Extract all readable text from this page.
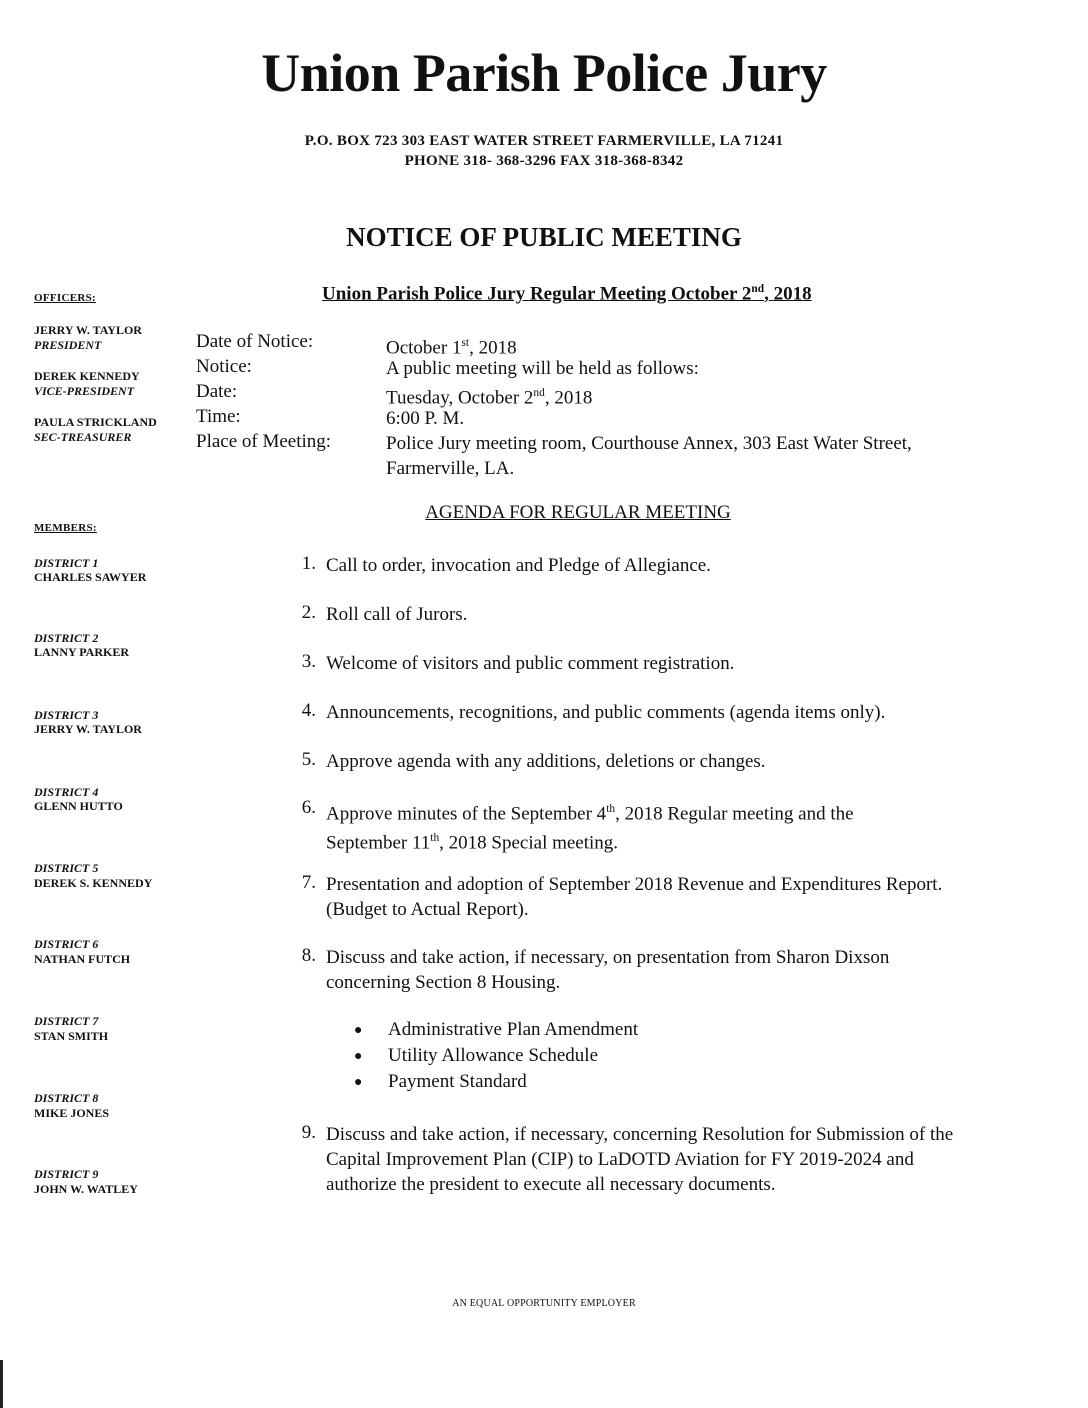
Union Parish Police Jury
P.O. BOX 723 303 EAST WATER STREET FARMERVILLE, LA 71241
PHONE 318- 368-3296 FAX 318-368-8342
NOTICE OF PUBLIC MEETING
Union Parish Police Jury Regular Meeting October 2nd, 2018
OFFICERS:
JERRY W. TAYLOR
PRESIDENT
DEREK KENNEDY
VICE-PRESIDENT
PAULA STRICKLAND
SEC-TREASURER
MEMBERS:
DISTRICT 1
CHARLES SAWYER
DISTRICT 2
LANNY PARKER
DISTRICT 3
JERRY W. TAYLOR
DISTRICT 4
GLENN HUTTO
DISTRICT 5
DEREK S. KENNEDY
DISTRICT 6
NATHAN FUTCH
DISTRICT 7
STAN SMITH
DISTRICT 8
MIKE JONES
DISTRICT 9
JOHN W. WATLEY
Date of Notice:	October 1st, 2018
Notice:	A public meeting will be held as follows:
Date:	Tuesday, October 2nd, 2018
Time:	6:00 P. M.
Place of Meeting:	Police Jury meeting room, Courthouse Annex, 303 East Water Street, Farmerville, LA.
AGENDA FOR REGULAR MEETING
1. Call to order, invocation and Pledge of Allegiance.
2. Roll call of Jurors.
3. Welcome of visitors and public comment registration.
4. Announcements, recognitions, and public comments (agenda items only).
5. Approve agenda with any additions, deletions or changes.
6. Approve minutes of the September 4th, 2018 Regular meeting and the September 11th, 2018 Special meeting.
7. Presentation and adoption of September 2018 Revenue and Expenditures Report. (Budget to Actual Report).
8. Discuss and take action, if necessary, on presentation from Sharon Dixson concerning Section 8 Housing.
● Administrative Plan Amendment
● Utility Allowance Schedule
● Payment Standard
9. Discuss and take action, if necessary, concerning Resolution for Submission of the Capital Improvement Plan (CIP) to LaDOTD Aviation for FY 2019-2024 and authorize the president to execute all necessary documents.
AN EQUAL OPPORTUNITY EMPLOYER
